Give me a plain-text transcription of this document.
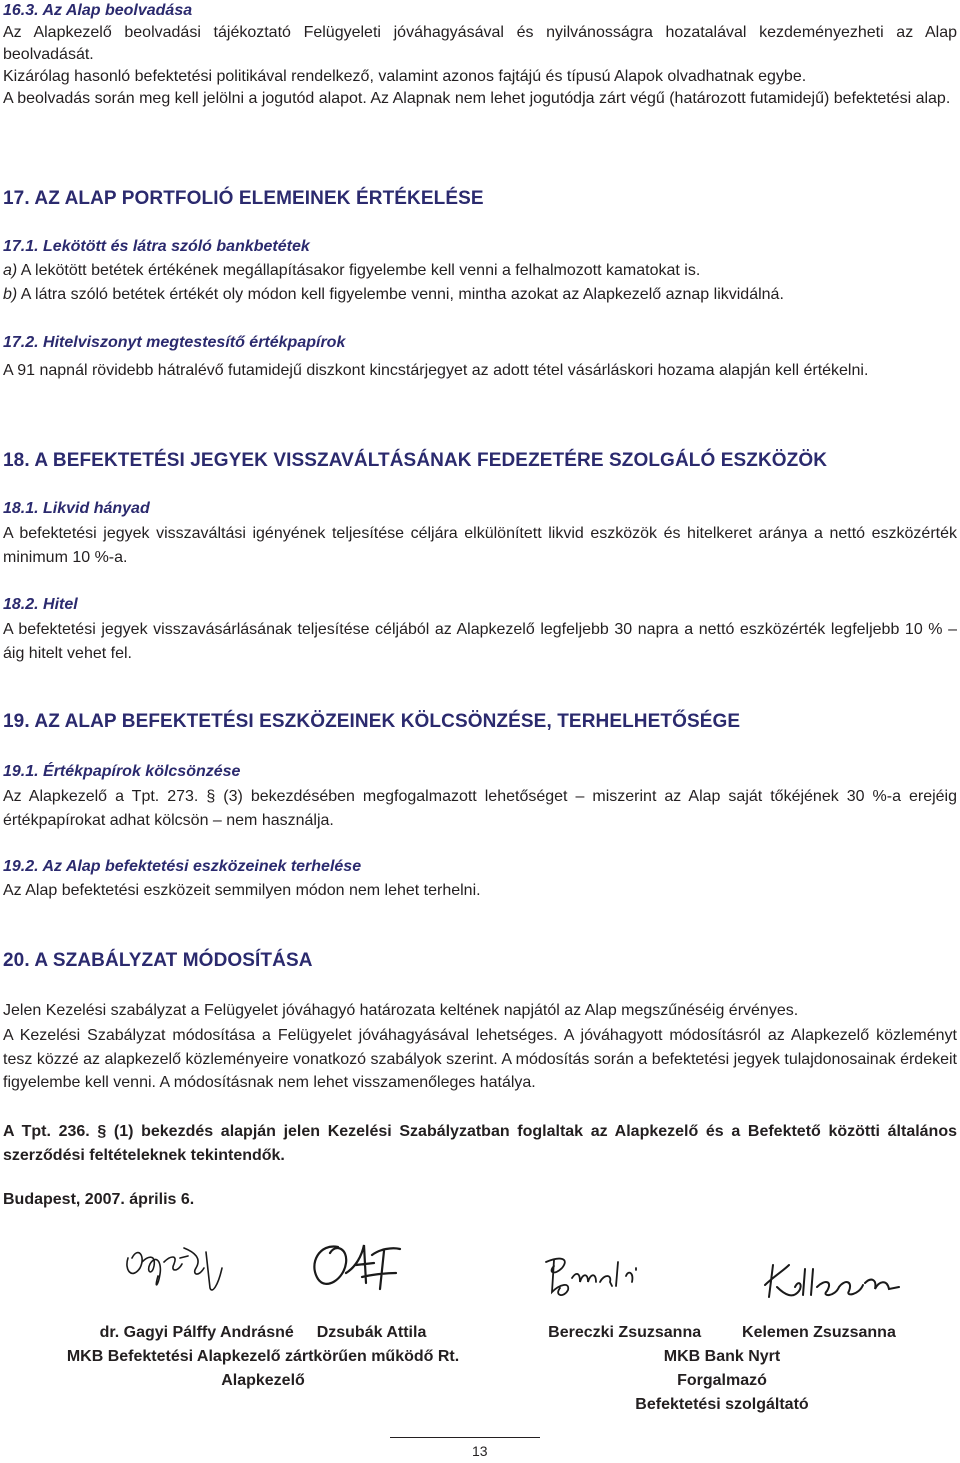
16.3. Az Alap beolvadása

Az Alapkezelő beolvadási tájékoztató Felügyeleti jóváhagyásával és nyilvánosságra hozatalával kezdeményezheti az Alap beolvadását.

Kizárólag hasonló befektetési politikával rendelkező, valamint azonos fajtájú és típusú Alapok olvadhatnak egybe.

A beolvadás során meg kell jelölni a jogutód alapot. Az Alapnak nem lehet jogutódja zárt végű (határozott futamidejű) befektetési alap.

17. AZ ALAP PORTFOLIÓ ELEMEINEK ÉRTÉKELÉSE

17.1. Lekötött és látra szóló bankbetétek

a) A lekötött betétek értékének megállapításakor figyelembe kell venni a felhalmozott kamatokat is.

b) A látra szóló betétek értékét oly módon kell figyelembe venni, mintha azokat az Alapkezelő aznap likvidálná.

17.2. Hitelviszonyt megtestesítő értékpapírok

A 91 napnál rövidebb hátralévő futamidejű diszkont kincstárjegyet az adott tétel vásárláskori hozama alapján kell értékelni.

18. A BEFEKTETÉSI JEGYEK VISSZAVÁLTÁSÁNAK FEDEZETÉRE SZOLGÁLÓ ESZKÖZÖK

18.1. Likvid hányad

A befektetési jegyek visszaváltási igényének teljesítése céljára elkülönített likvid eszközök és hitelkeret aránya a nettó eszközérték minimum 10 %-a.

18.2. Hitel

A befektetési jegyek visszavásárlásának teljesítése céljából az Alapkezelő legfeljebb 30 napra a nettó eszközérték legfeljebb 10 % – áig hitelt vehet fel.

19. AZ ALAP BEFEKTETÉSI ESZKÖZEINEK KÖLCSÖNZÉSE, TERHELHETŐSÉGE

19.1. Értékpapírok kölcsönzése

Az Alapkezelő a Tpt. 273. § (3) bekezdésében megfogalmazott lehetőséget – miszerint az Alap saját tőkéjének 30 %-a erejéig értékpapírokat adhat kölcsön – nem használja.

19.2. Az Alap befektetési eszközeinek terhelése

Az Alap befektetési eszközeit semmilyen módon nem lehet terhelni.

20. A SZABÁLYZAT MÓDOSÍTÁSA

Jelen Kezelési szabályzat a Felügyelet jóváhagyó határozata keltének napjától az Alap megszűnéséig érvényes.

A Kezelési Szabályzat módosítása a Felügyelet jóváhagyásával lehetséges. A jóváhagyott módosításról az Alapkezelő közleményt tesz közzé az alapkezelő közleményeire vonatkozó szabályok szerint. A módosítás során a befektetési jegyek tulajdonosainak érdekeit figyelembe kell venni. A módosításnak nem lehet visszamenőleges hatálya.

A Tpt. 236. § (1) bekezdés alapján jelen Kezelési Szabályzatban foglaltak az Alapkezelő és a Befektető közötti általános szerződési feltételeknek tekintendők.

Budapest, 2007. április 6.

dr. Gagyi Pálffy Andrásné Dzsubák Attila
MKB Befektetési Alapkezelő zártkörűen működő Rt.
Alapkezelő
Bereczki Zsuzsanna	Kelemen Zsuzsanna
MKB Bank Nyrt
Forgalmazó
Befektetési szolgáltató
13
